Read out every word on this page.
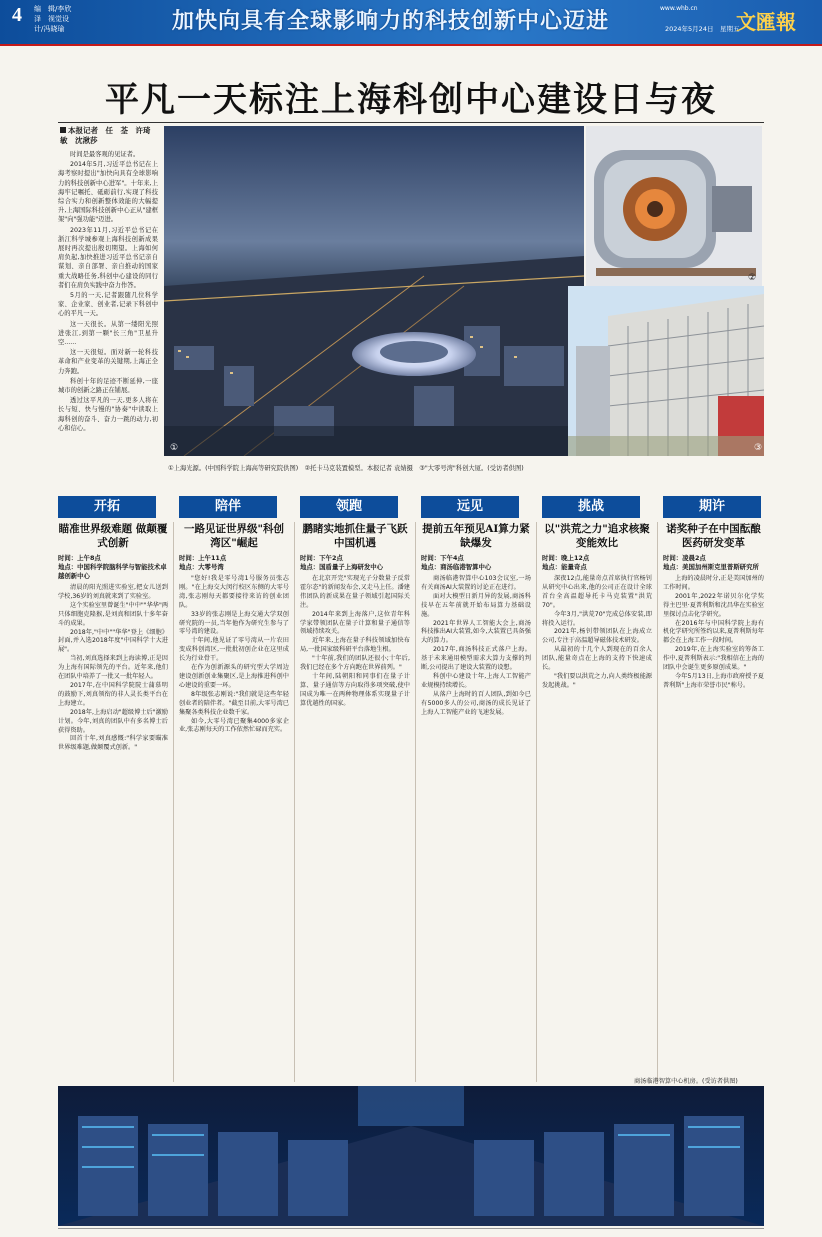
4 编　辑/李欣泽　视觉设计/冯晓瑜	加快向具有全球影响力的科技创新中心迈进
www.whb.cn
2024年5月24日　星期五
文匯報
平凡一天标注上海科创中心建设日与夜
本报记者　任　荃　许琦敏　沈湫莎

时间是最客观的见证者。

2014年5月,习近平总书记在上海考察时提出"加快向具有全球影响力的科技创新中心进军"。十年来,上海牢记嘱托、砥砺前行,实现了科技综合实力和创新整体效能的大幅提升,上海国际科技创新中心正从"建框架"向"强功能"迈进。

2023年11月,习近平总书记在浙江科学城参观上海科技创新成果展时再次提出殷切期望。上海如何肩负起,加快推进习近平总书记亲自谋划、亲自部署、亲自推动的国家重大战略任务,科创中心建设的同行者们在肩负实践中奋力作答。

5月的一天,记者跟随几位科学家、企业家、创业者,记录下科创中心的平凡一天。

这一天很长。从第一缕阳光照进张江,到第一颗"长三角"卫星升空......

这一天很短。面对新一轮科技革命和产业变革的关键期,上海正全力奔跑。

科创十年的足迹不断延伸,一座城市的创新之路正在铺展。

透过这平凡的一天,更多人将在长与短、快与慢的"协奏"中读取上海科创的奋斗、奋力一跳的动力,初心和信心。

①
②
③
①上海光源。(中国科学院上海高等研究院供图)　②托卡马克装置模型。本报记者 袁婧摄　③"大零号湾"科创大厦。(受访者供图)
开拓	陪伴	领跑	远见	挑战	期许
瞄准世界级难题 做颠覆式创新
时间：上午8点
地点：中国科学院脑科学与智能技术卓越创新中心

清晨的阳光照进实验室,把女儿送到学校,36岁的刘真就来到了实验室。

这个实验室里曾诞生"中中""华华"两只体细胞克隆猴,是刘真和团队十多年奋斗的成果。

2018年,"中中""华华"登上《细胞》封面,并入选2018年度"中国科学十大进展"。

当初,刘真选择来到上海读博,正是因为上海有国际领先的平台。近年来,他们在团队中培养了一批又一批年轻人。

2017年,在中国科学院院士蒲慕明的鼓励下,刘真领衔的非人灵长类平台在上海建立。

2018年,上海启动"超级博士后"激励计划。今年,刘真的团队中有多名博士后获得资助。

回首十年,刘真感慨:"科学家要瞄准世界级难题,做颠覆式创新。"

一路见证世界级"科创湾区"崛起
时间：上午11点
地点：大零号湾

"您好!我是零号湾1号服务员张志刚。"在上海交大闵行校区东侧的大零号湾,张志刚每天都要接待来访的创业团队。

33岁的张志刚是上海交通大学双创研究院的一员,当年他作为研究生参与了零号湾的建设。

十年间,他见证了零号湾从一片农田变成科创湾区,一批批初创企业在这里成长为行业骨干。

在作为创新源头的研究型大学周边建设创新创业集聚区,是上海推进科创中心建设的重要一环。

8年级张志刚说:"我们就是这些年轻创业者的陪伴者。"截至目前,大零号湾已集聚各类科技企业数千家。

如今,大零号湾已聚集4000多家企业,张志刚每天的工作依然忙碌而充实。

鹏睹实地抓住量子飞跃中国机遇
时间：下午2点
地点：国盾量子上海研发中心

在北京开完"实现光子分数量子反常霍尔态"的新闻发布会,又走马上任。潘建伟团队的新成果在量子领域引起国际关注。

2014年来到上海落户,这位青年科学家带领团队在量子计算和量子通信等领域持续攻关。

近年来,上海在量子科技领域加快布局,一批国家级科研平台落地生根。

"十年前,我们的团队还很小;十年后,我们已经在多个方向跑在世界前列。"

十年间,陆朝阳和同事们在量子计算、量子通信等方向取得多项突破,使中国成为唯一在两种物理体系实现量子计算优越性的国家。

提前五年预见AI算力紧缺爆发
时间：下午4点
地点：商汤临港智算中心

商汤临港智算中心103会议室,一场有关商汤AI大装置的讨论正在进行。

面对大模型日新月异的发展,商汤科技早在五年前就开始布局算力基础设施。

2021年世界人工智能大会上,商汤科技推出AI大装置,如今,大装置已具备强大的算力。

2017年,商汤科技正式落户上海。基于未来通用模型需求大算力支撑的判断,公司提出了建设大装置的设想。

科创中心建设十年,上海人工智能产业规模持续增长。

从落户上海时的百人团队,到如今已有5000多人的公司,商汤的成长见证了上海人工智能产业的飞速发展。

以"洪荒之力"追求核聚变能效比
时间：晚上12点
地点：能量奇点

深夜12点,能量奇点首席执行官杨钊从研究中心出来,他的公司正在设计全球首台全高温超导托卡马克装置"洪荒70"。

今年3月,"洪荒70"完成总体安装,即将投入运行。

2021年,杨钊带领团队在上海成立公司,专注于高温超导磁体技术研发。

从最初的十几个人到现在的百余人团队,能量奇点在上海的支持下快速成长。

"我们要以洪荒之力,向人类终极能源发起挑战。"

诺奖种子在中国酝酿医药研发变革
时间：凌晨2点
地点：美国加州斯克里普斯研究所

上海的凌晨时分,正是美国加州的工作时间。

2001年,2022年诺贝尔化学奖得主巴里·夏普利斯和沈昌华在实验室里探讨点击化学研究。

在2016年与中国科学院上海有机化学研究所签约以来,夏普利斯每年都会在上海工作一段时间。

2019年,在上海实验室的筹备工作中,夏普利斯表示:"我相信在上海的团队中会诞生更多原创成果。"

今年5月13日,上海市政府授予夏普利斯"上海市荣誉市民"称号。

商汤临港智算中心机房。(受访者供图)
